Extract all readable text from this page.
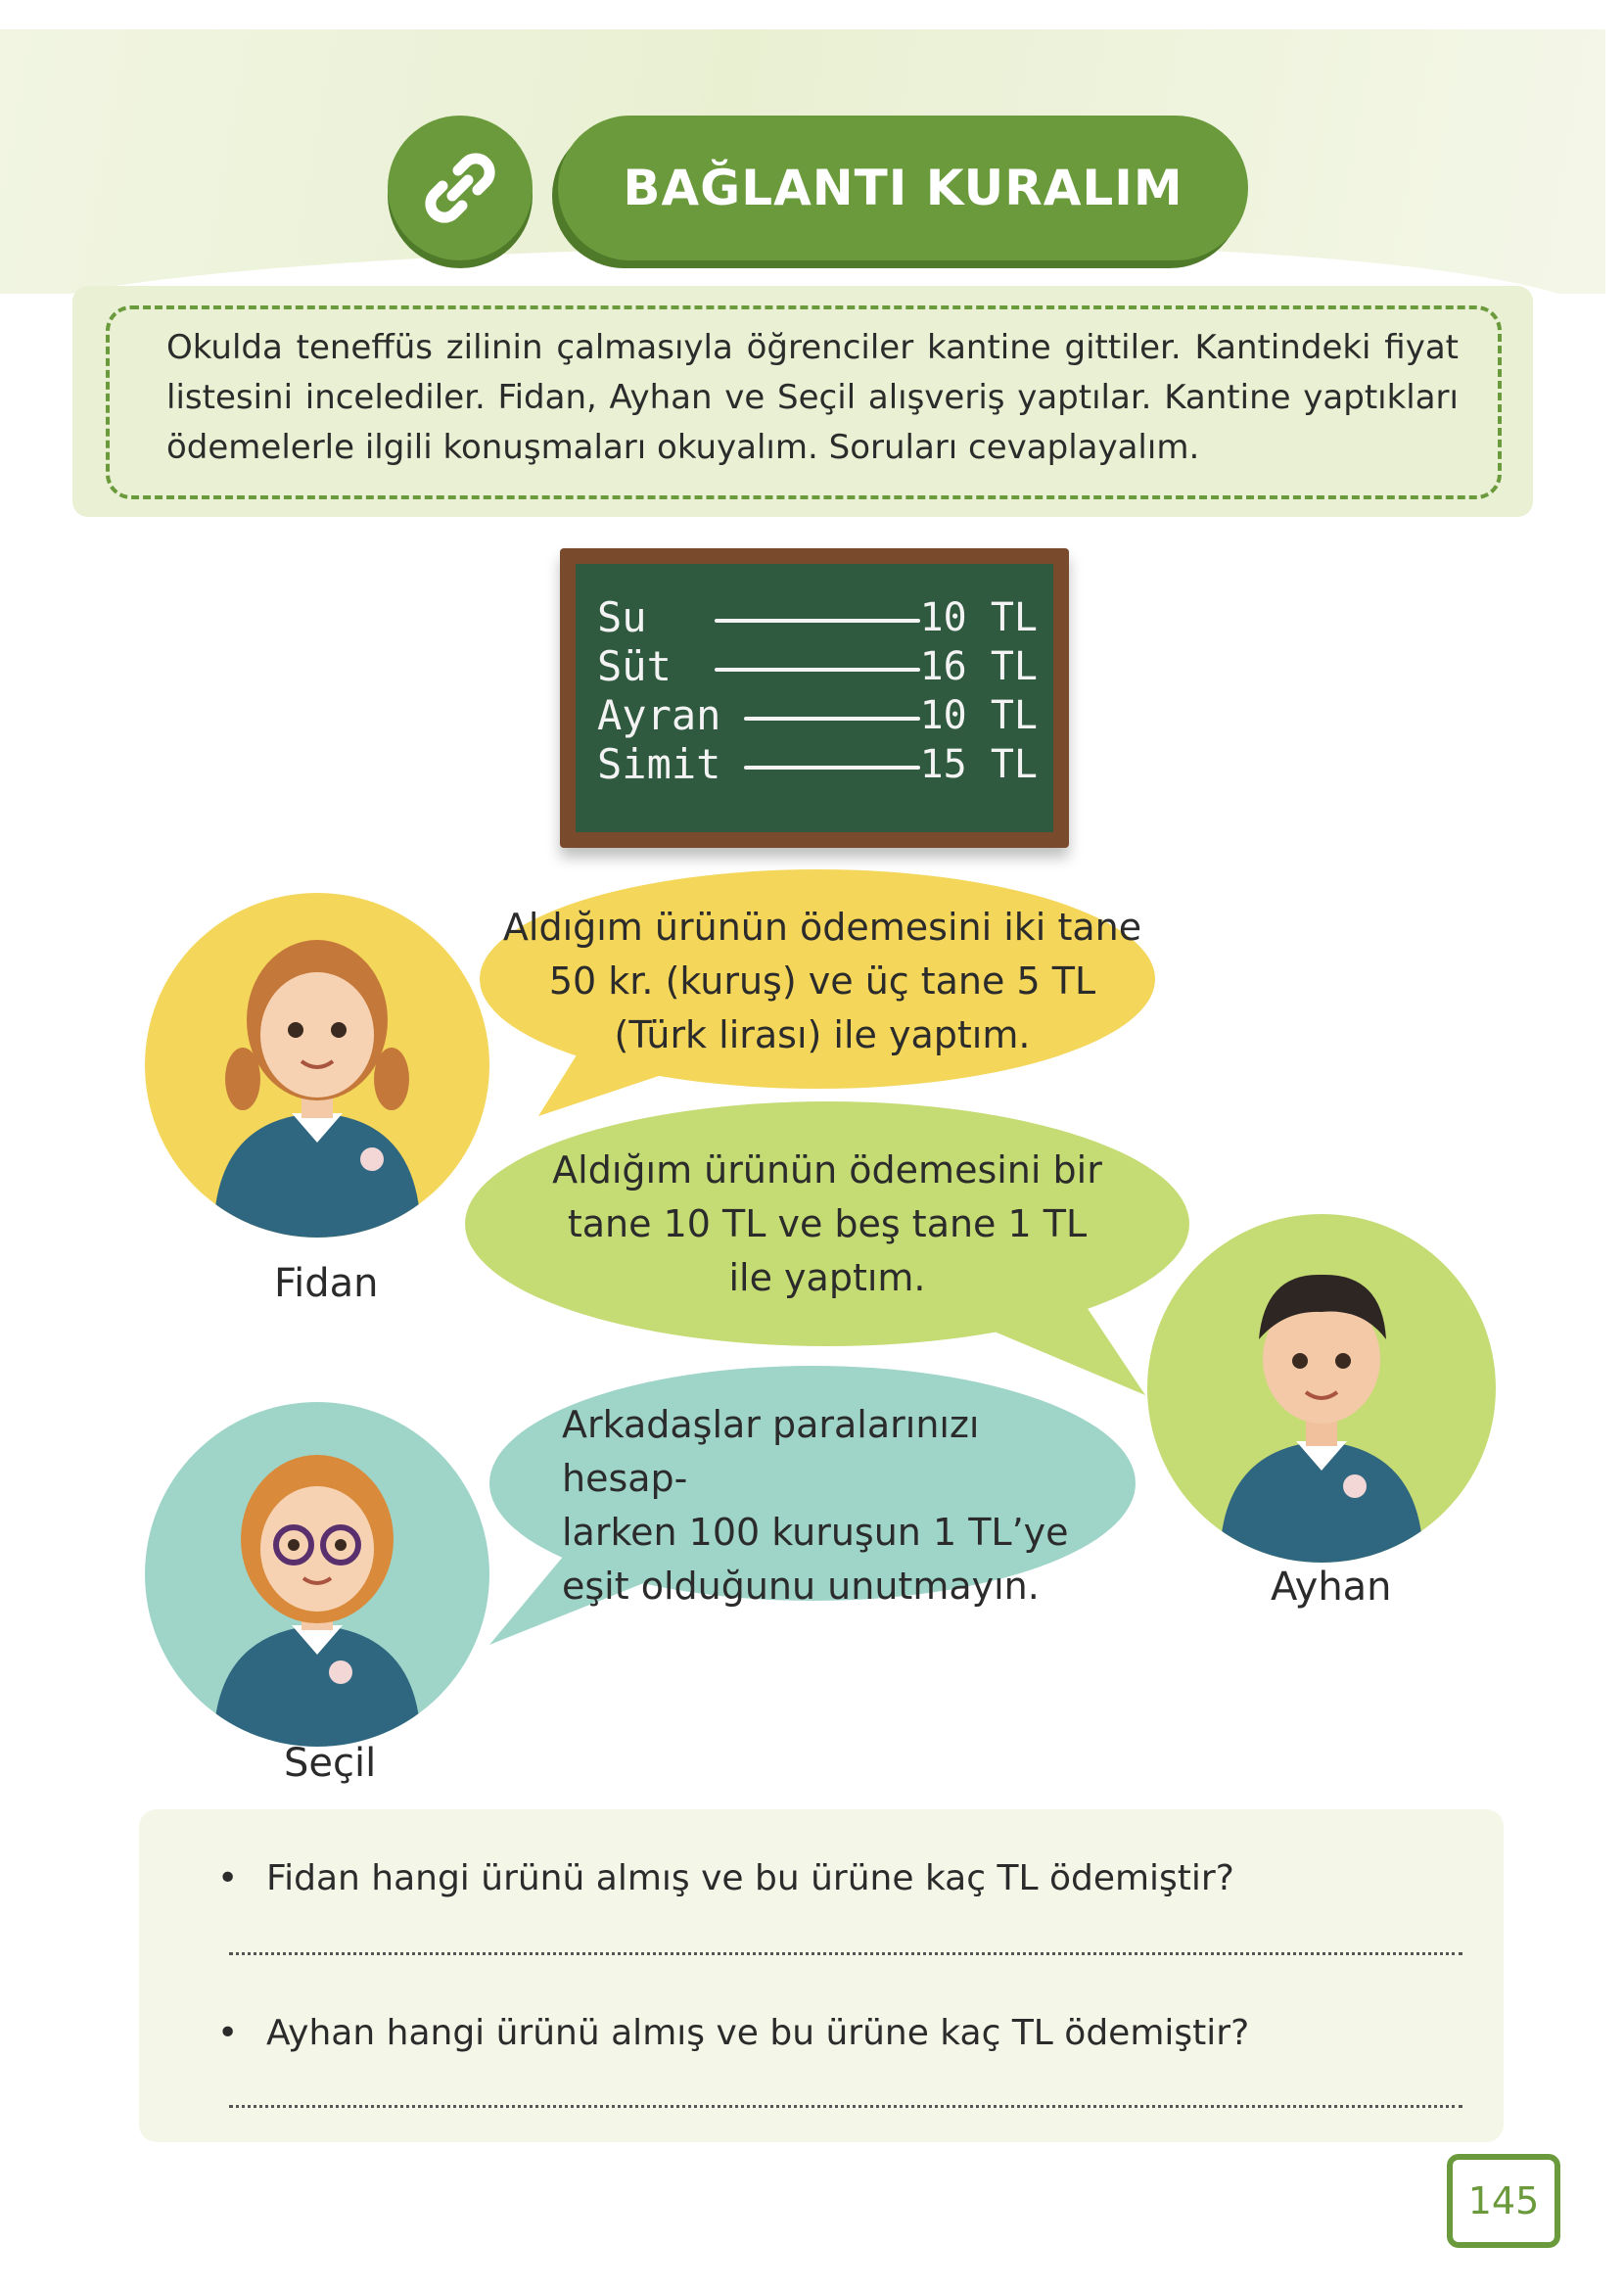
BAĞLANTI KURALIM
Okulda teneffüs zilinin çalmasıyla öğrenciler kantine gittiler. Kantindeki fiyat listesini incelediler. Fidan, Ayhan ve Seçil alışveriş yaptılar. Kantine yaptıkları ödemelerle ilgili konuşmaları okuyalım. Soruları cevaplayalım.
Su	10 TL
Süt	16 TL
Ayran	10 TL
Simit	15 TL
Fidan
Aldığım ürünün ödemesini iki tane
50 kr. (kuruş) ve üç tane 5 TL
(Türk lirası) ile yaptım.
Ayhan
Aldığım ürünün ödemesini bir
tane 10 TL ve beş tane 1 TL
ile yaptım.
Seçil
Arkadaşlar paralarınızı hesap-
larken 100 kuruşun 1 TL’ye
eşit olduğunu unutmayın.
• Fidan hangi ürünü almış ve bu ürüne kaç TL ödemiştir?
• Ayhan hangi ürünü almış ve bu ürüne kaç TL ödemiştir?
145
